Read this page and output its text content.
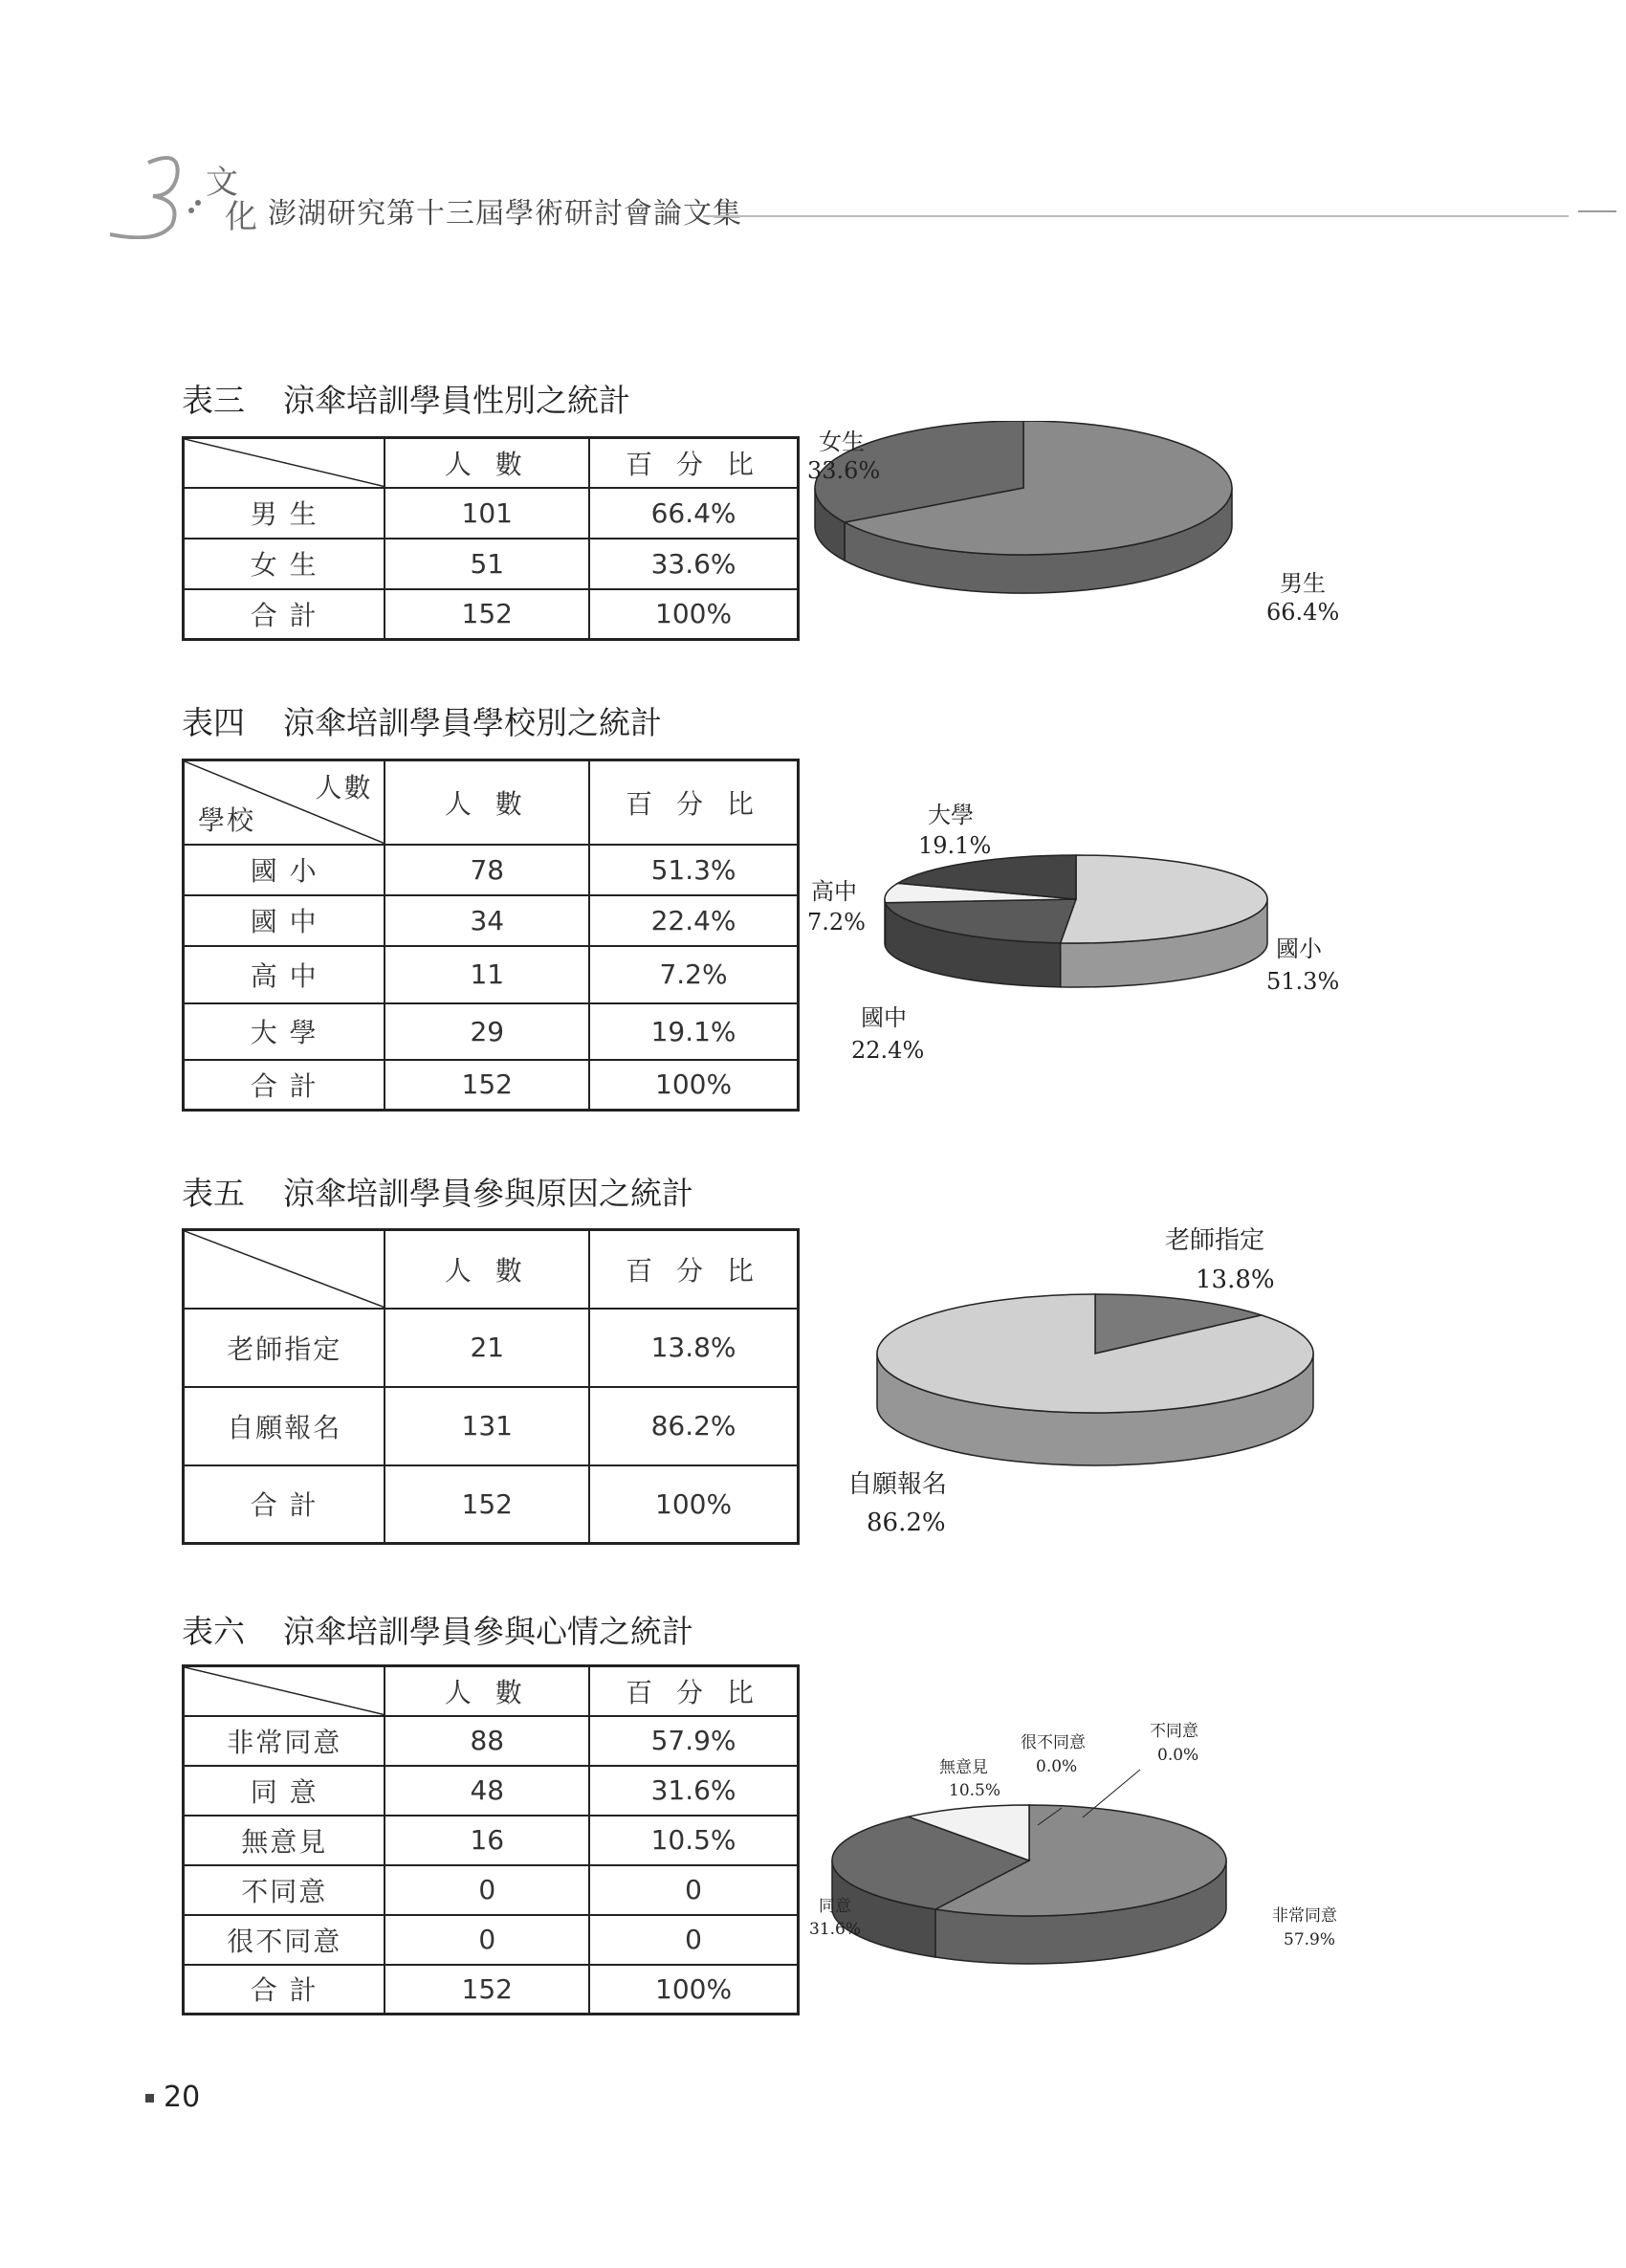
文
化 澎湖研究第十三屆學術研討會論文集
表三 涼傘培訓學員性別之統計
	人 數	百 分 比
男 生	101	66.4%
女 生	51	33.6%
合 計	152	100%
女生
33.6%
男生
66.4%
表四 涼傘培訓學員學校別之統計
人數
學校	人 數	百 分 比
國 小	78	51.3%
國 中	34	22.4%
高 中	11	7.2%
大 學	29	19.1%
合 計	152	100%
大學
19.1%
高中
7.2%
國小
51.3%
國中
22.4%
表五 涼傘培訓學員參與原因之統計
	人 數	百 分 比
老師指定	21	13.8%
自願報名	131	86.2%
合 計	152	100%
老師指定
13.8%
自願報名
86.2%
表六 涼傘培訓學員參與心情之統計
	人 數	百 分 比
非常同意	88	57.9%
同 意	48	31.6%
無意見	16	10.5%
不同意	0	0
很不同意	0	0
合 計	152	100%
無意見
10.5%
很不同意
0.0%
不同意
0.0%
同意
31.6%
非常同意
57.9%
20
